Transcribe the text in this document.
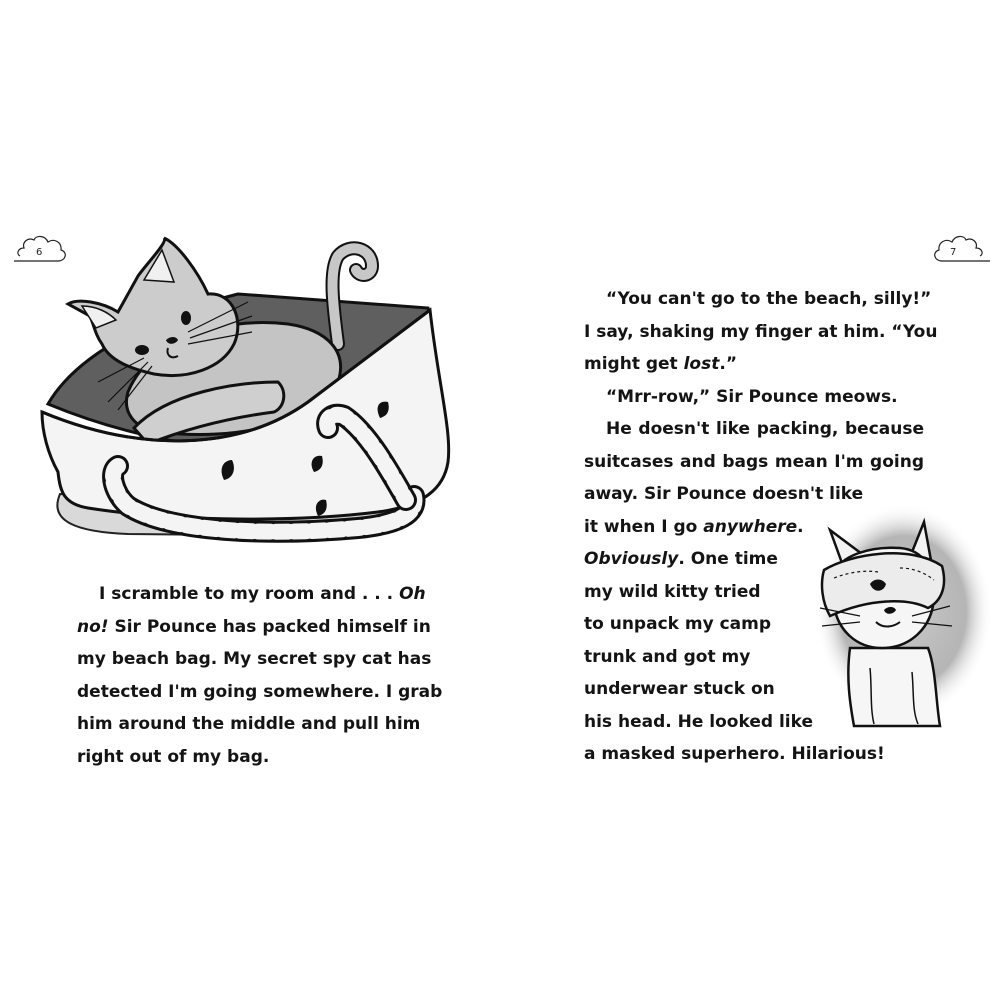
6	7
I scramble to my room and . . . Oh
no! Sir Pounce has packed himself in
my beach bag. My secret spy cat has
detected I'm going somewhere. I grab
him around the middle and pull him
right out of my bag.
“You can't go to the beach, silly!”
I say, shaking my finger at him. “You
might get lost.”
“Mrr-row,” Sir Pounce meows.
He doesn't like packing, because
suitcases and bags mean I'm going
away. Sir Pounce doesn't like
it when I go anywhere.
Obviously. One time
my wild kitty tried
to unpack my camp
trunk and got my
underwear stuck on
his head. He looked like
a masked superhero. Hilarious!
